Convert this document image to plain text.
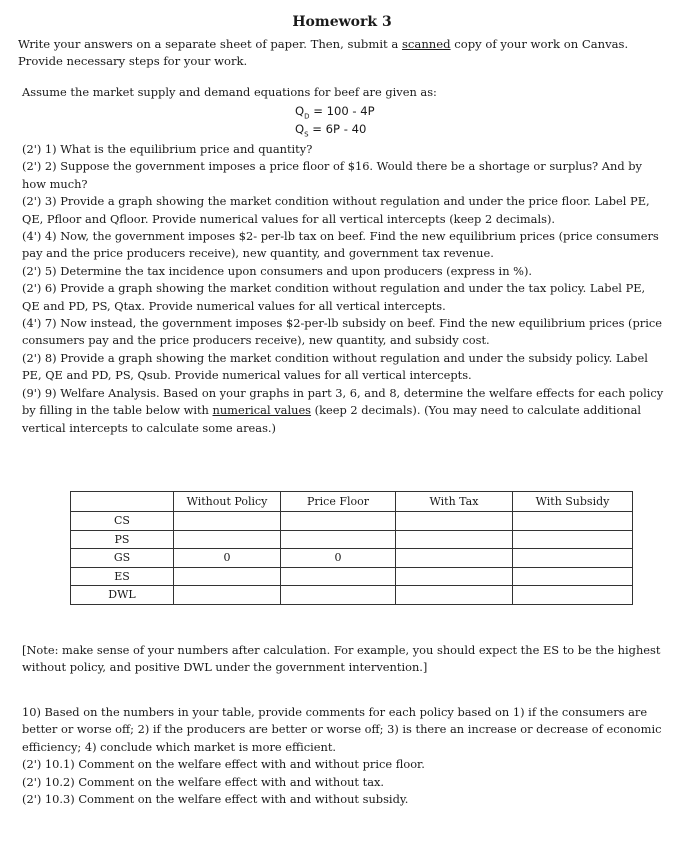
Homework 3
Write your answers on a separate sheet of paper. Then, submit a scanned copy of your work on Canvas. Provide necessary steps for your work.
Assume the market supply and demand equations for beef are given as:
$Q_D = 100 - 4P$
$Q_S = 6P - 40$
(2') 1) What is the equilibrium price and quantity?
(2') 2) Suppose the government imposes a price floor of $16. Would there be a shortage or surplus? And by how much?
(2') 3) Provide a graph showing the market condition without regulation and under the price floor. Label PE, QE, Pfloor and Qfloor. Provide numerical values for all vertical intercepts (keep 2 decimals).
(4') 4) Now, the government imposes $2- per-lb tax on beef. Find the new equilibrium prices (price consumers pay and the price producers receive), new quantity, and government tax revenue.
(2') 5) Determine the tax incidence upon consumers and upon producers (express in %).
(2') 6) Provide a graph showing the market condition without regulation and under the tax policy. Label PE, QE and PD, PS, Qtax. Provide numerical values for all vertical intercepts.
(4') 7) Now instead, the government imposes $2-per-lb subsidy on beef. Find the new equilibrium prices (price consumers pay and the price producers receive), new quantity, and subsidy cost.
(2') 8) Provide a graph showing the market condition without regulation and under the subsidy policy. Label PE, QE and PD, PS, Qsub. Provide numerical values for all vertical intercepts.
(9') 9) Welfare Analysis. Based on your graphs in part 3, 6, and 8, determine the welfare effects for each policy by filling in the table below with numerical values (keep 2 decimals). (You may need to calculate additional vertical intercepts to calculate some areas.)
	Without Policy	Price Floor	With Tax	With Subsidy
CS				
PS				
GS	0	0		
ES				
DWL				
[Note: make sense of your numbers after calculation. For example, you should expect the ES to be the highest without policy, and positive DWL under the government intervention.]
10) Based on the numbers in your table, provide comments for each policy based on 1) if the consumers are better or worse off; 2) if the producers are better or worse off; 3) is there an increase or decrease of economic efficiency; 4) conclude which market is more efficient.
(2') 10.1) Comment on the welfare effect with and without price floor.
(2') 10.2) Comment on the welfare effect with and without tax.
(2') 10.3) Comment on the welfare effect with and without subsidy.
